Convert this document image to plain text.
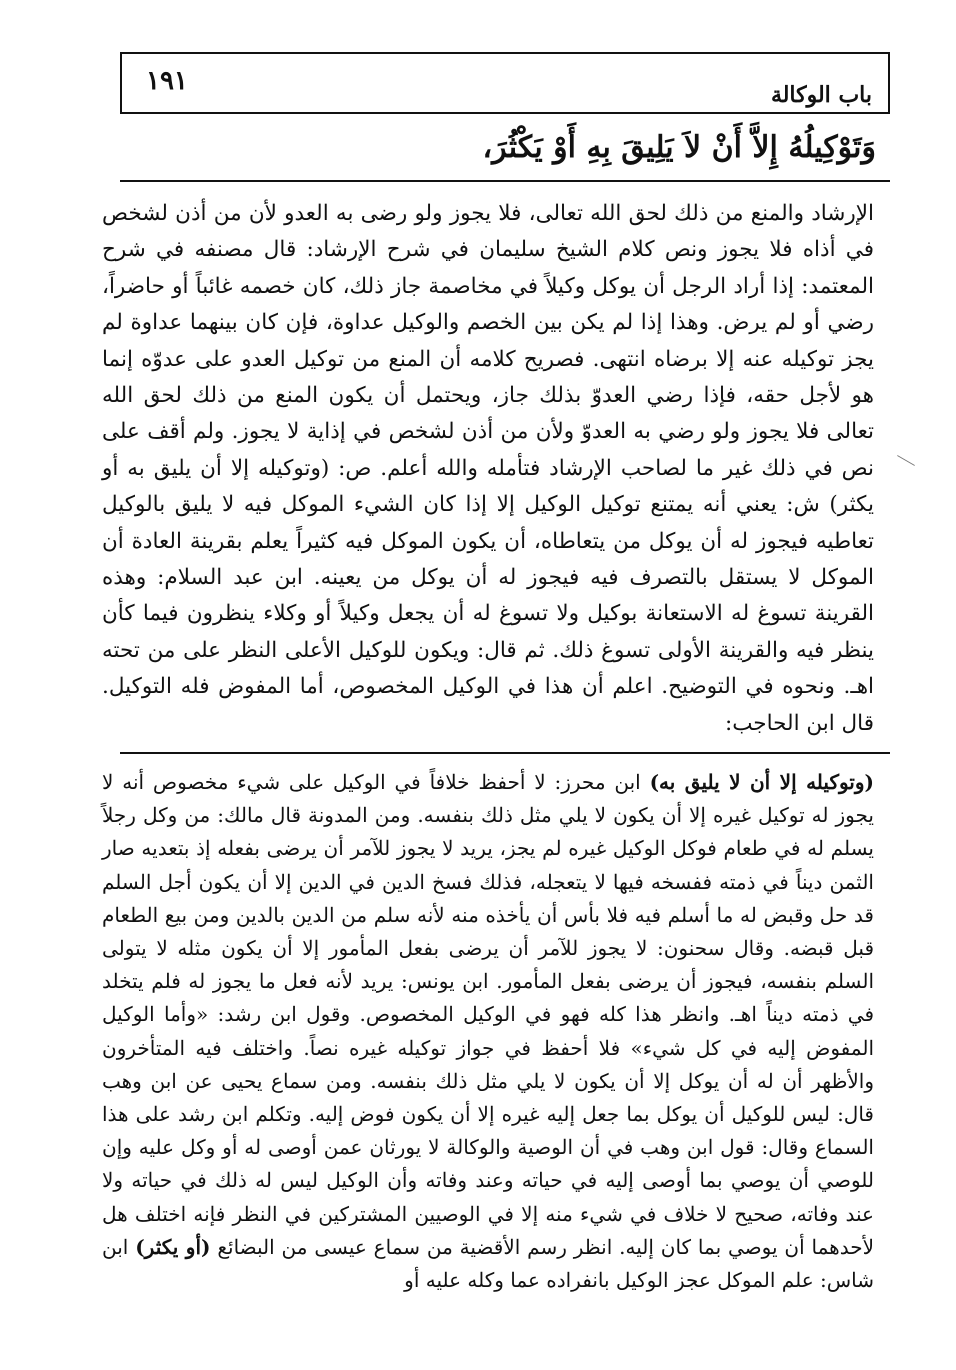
١٩١	باب الوكالة
وَتَوْكِيلُهُ إِلاَّ أَنْ لاَ يَلِيقَ بِهِ أَوْ يَكْثُرَ،

الإرشاد والمنع من ذلك لحق الله تعالى، فلا يجوز ولو رضى به العدو لأن من أذن لشخص في أذاه فلا يجوز ونص كلام الشيخ سليمان في شرح الإرشاد: قال مصنفه في شرح المعتمد: إذا أراد الرجل أن يوكل وكيلاً في مخاصمة جاز ذلك، كان خصمه غائباً أو حاضراً، رضي أو لم يرض. وهذا إذا لم يكن بين الخصم والوكيل عداوة، فإن كان بينهما عداوة لم يجز توكيله عنه إلا برضاه انتهى. فصريح كلامه أن المنع من توكيل العدو على عدوّه إنما هو لأجل حقه، فإذا رضي العدوّ بذلك جاز، ويحتمل أن يكون المنع من ذلك لحق الله تعالى فلا يجوز ولو رضي به العدوّ ولأن من أذن لشخص في إذاية لا يجوز. ولم أقف على نص في ذلك غير ما لصاحب الإرشاد فتأمله والله أعلم. ص: (وتوكيله إلا أن يليق به أو يكثر) ش: يعني أنه يمتنع توكيل الوكيل إلا إذا كان الشيء الموكل فيه لا يليق بالوكيل تعاطيه فيجوز له أن يوكل من يتعاطاه، أن يكون الموكل فيه كثيراً يعلم بقرينة العادة أن الموكل لا يستقل بالتصرف فيه فيجوز له أن يوكل من يعينه. ابن عبد السلام: وهذه القرينة تسوغ له الاستعانة بوكيل ولا تسوغ له أن يجعل وكيلاً أو وكلاء ينظرون فيما كأن ينظر فيه والقرينة الأولى تسوغ ذلك. ثم قال: ويكون للوكيل الأعلى النظر على من تحته اهـ. ونحوه في التوضيح. اعلم أن هذا في الوكيل المخصوص، أما المفوض فله التوكيل. قال ابن الحاجب:

(وتوكيله إلا أن لا يليق به) ابن محرز: لا أحفظ خلافاً في الوكيل على شيء مخصوص أنه لا يجوز له توكيل غيره إلا أن يكون لا يلي مثل ذلك بنفسه. ومن المدونة قال مالك: من وكل رجلاً يسلم له في طعام فوكل الوكيل غيره لم يجز، يريد لا يجوز للآمر أن يرضى بفعله إذ بتعديه صار الثمن ديناً في ذمته ففسخه فيها لا يتعجله، فذلك فسخ الدين في الدين إلا أن يكون أجل السلم قد حل وقبض له ما أسلم فيه فلا بأس أن يأخذه منه لأنه سلم من الدين بالدين ومن بيع الطعام قبل قبضه. وقال سحنون: لا يجوز للآمر أن يرضى بفعل المأمور إلا أن يكون مثله لا يتولى السلم بنفسه، فيجوز أن يرضى بفعل المأمور. ابن يونس: يريد لأنه فعل ما يجوز له فلم يتخلد في ذمته ديناً اهـ. وانظر هذا كله فهو في الوكيل المخصوص. وقول ابن رشد: «وأما الوكيل المفوض إليه في كل شيء» فلا أحفظ في جواز توكيله غيره نصاً. واختلف فيه المتأخرون والأظهر أن له أن يوكل إلا أن يكون لا يلي مثل ذلك بنفسه. ومن سماع يحيى عن ابن وهب قال: ليس للوكيل أن يوكل بما جعل إليه غيره إلا أن يكون فوض إليه. وتكلم ابن رشد على هذا السماع وقال: قول ابن وهب في أن الوصية والوكالة لا يورثان عمن أوصى له أو وكل عليه وإن للوصي أن يوصي بما أوصى إليه في حياته وعند وفاته وأن الوكيل ليس له ذلك في حياته ولا عند وفاته، صحيح لا خلاف في شيء منه إلا في الوصيين المشتركين في النظر فإنه اختلف هل لأحدهما أن يوصي بما كان إليه. انظر رسم الأقضية من سماع عيسى من البضائع (أو يكثر) ابن شاس: علم الموكل عجز الوكيل بانفراده عما وكله عليه أو
